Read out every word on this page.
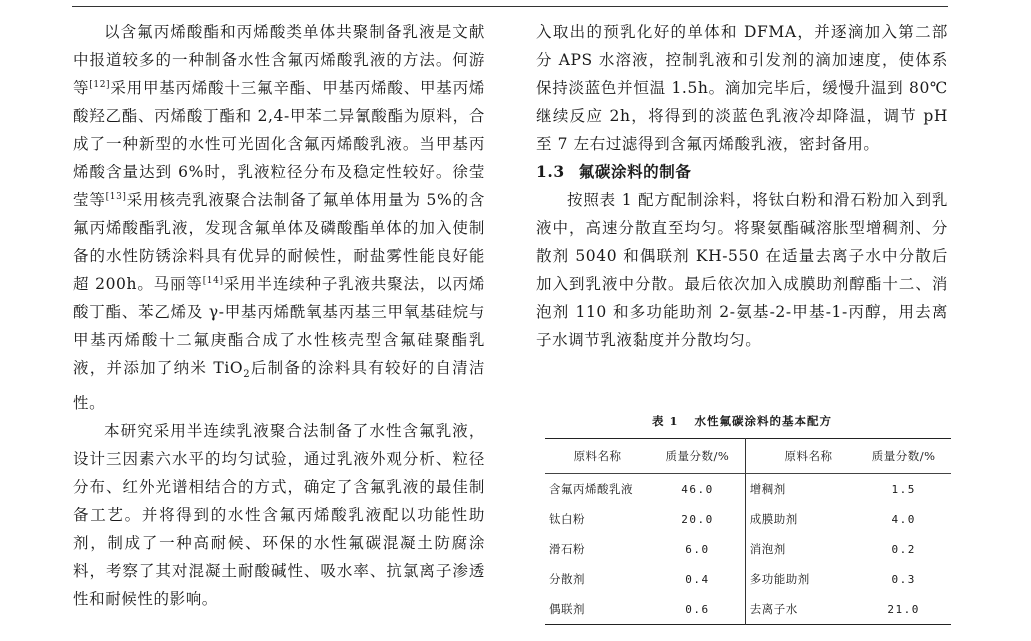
以含氟丙烯酸酯和丙烯酸类单体共聚制备乳液是文献中报道较多的一种制备水性含氟丙烯酸乳液的方法。何游等[12]采用甲基丙烯酸十三氟辛酯、甲基丙烯酸、甲基丙烯酸羟乙酯、丙烯酸丁酯和 2,4-甲苯二异氰酸酯为原料，合成了一种新型的水性可光固化含氟丙烯酸乳液。当甲基丙烯酸含量达到 6%时，乳液粒径分布及稳定性较好。徐莹莹等[13]采用核壳乳液聚合法制备了氟单体用量为 5%的含氟丙烯酸酯乳液，发现含氟单体及磷酸酯单体的加入使制备的水性防锈涂料具有优异的耐候性，耐盐雾性能良好能超 200h。马丽等[14]采用半连续种子乳液共聚法，以丙烯酸丁酯、苯乙烯及 γ-甲基丙烯酰氧基丙基三甲氧基硅烷与甲基丙烯酸十二氟庚酯合成了水性核壳型含氟硅聚酯乳液，并添加了纳米 TiO$_2$后制备的涂料具有较好的自清洁性。

本研究采用半连续乳液聚合法制备了水性含氟乳液，设计三因素六水平的均匀试验，通过乳液外观分析、粒径分布、红外光谱相结合的方式，确定了含氟乳液的最佳制备工艺。并将得到的水性含氟丙烯酸乳液配以功能性助剂，制成了一种高耐候、环保的水性氟碳混凝土防腐涂料，考察了其对混凝土耐酸碱性、吸水率、抗氯离子渗透性和耐候性的影响。

入取出的预乳化好的单体和 DFMA，并逐滴加入第二部分 APS 水溶液，控制乳液和引发剂的滴加速度，使体系保持淡蓝色并恒温 1.5h。滴加完毕后，缓慢升温到 80℃继续反应 2h，将得到的淡蓝色乳液冷却降温，调节 pH 至 7 左右过滤得到含氟丙烯酸乳液，密封备用。

1.3 氟碳涂料的制备

按照表 1 配方配制涂料，将钛白粉和滑石粉加入到乳液中，高速分散直至均匀。将聚氨酯碱溶胀型增稠剂、分散剂 5040 和偶联剂 KH-550 在适量去离子水中分散后加入到乳液中分散。最后依次加入成膜助剂醇酯十二、消泡剂 110 和多功能助剂 2-氨基-2-甲基-1-丙醇，用去离子水调节乳液黏度并分散均匀。

表 1 水性氟碳涂料的基本配方
原料名称	质量分数/%	原料名称	质量分数/%
含氟丙烯酸乳液	46.0	增稠剂	1.5
钛白粉	20.0	成膜助剂	4.0
滑石粉	6.0	消泡剂	0.2
分散剂	0.4	多功能助剂	0.3
偶联剂	0.6	去离子水	21.0
